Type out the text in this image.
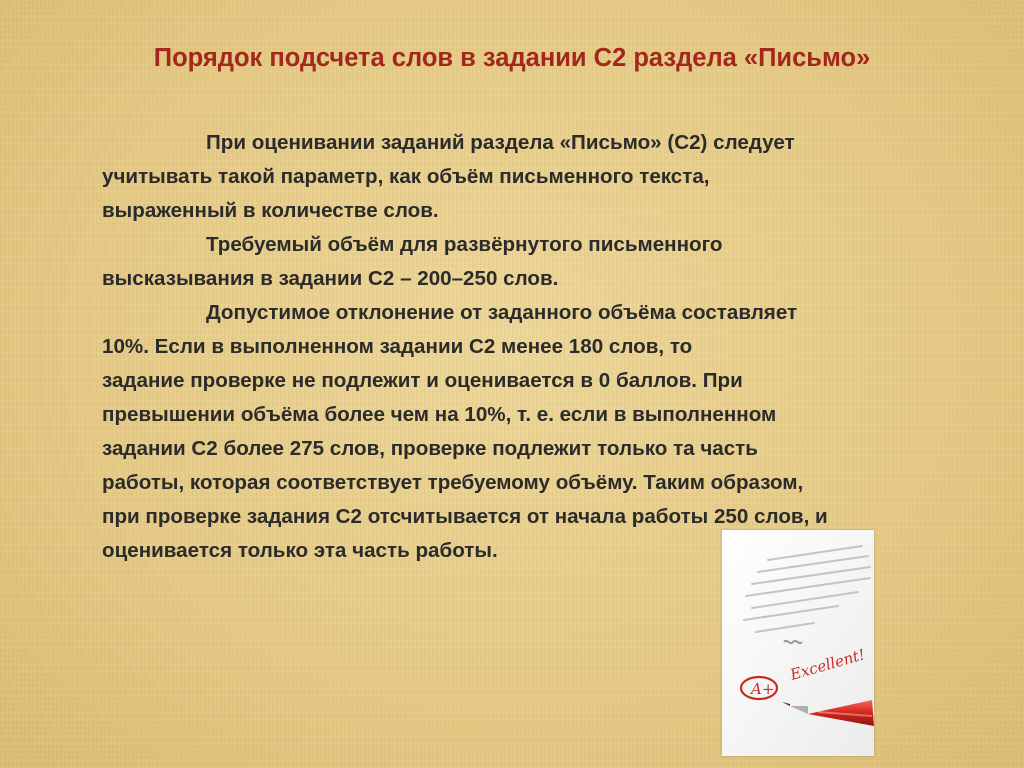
Порядок подсчета слов в задании С2 раздела «Письмо»
При оценивании заданий раздела «Письмо» (С2) следует
учитывать такой параметр, как объём письменного текста,
выраженный в количестве слов.
Требуемый объём для развёрнутого письменного
высказывания в задании С2 – 200–250 слов.
Допустимое отклонение от заданного объёма составляет
10%. Если в выполненном задании С2 менее 180 слов, то
задание проверке не подлежит и оценивается в 0 баллов. При
превышении объёма более чем на 10%, т. е. если в выполненном
задании С2 более 275 слов, проверке подлежит только та часть
работы, которая соответствует требуемому объёму. Таким образом,
при проверке задания С2 отсчитывается от начала работы 250 слов, и
оценивается только эта часть работы.
A+
Excellent!
